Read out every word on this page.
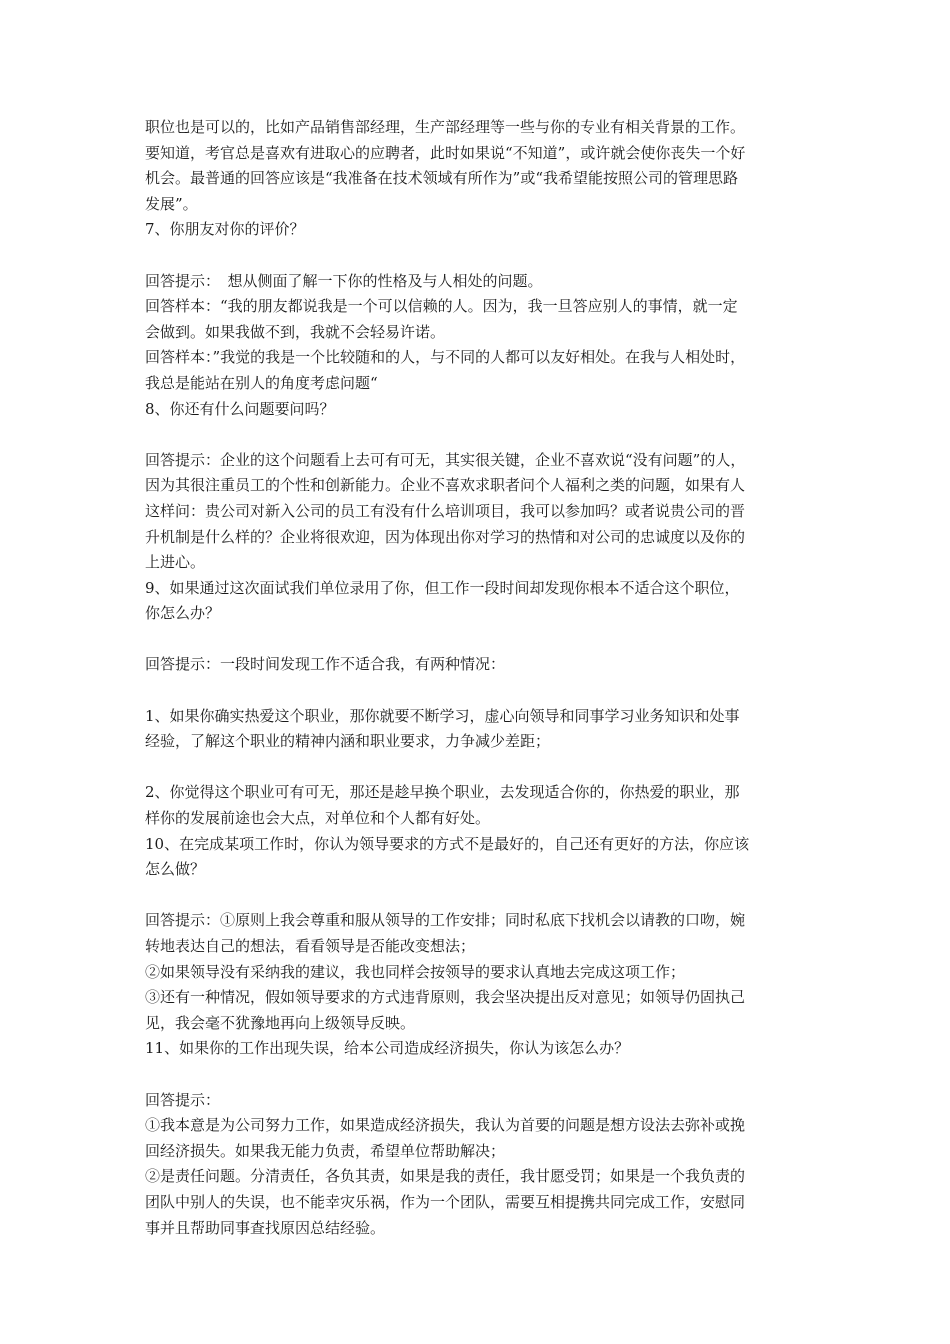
职位也是可以的，比如产品销售部经理，生产部经理等一些与你的专业有相关背景的工作。
要知道，考官总是喜欢有进取心的应聘者，此时如果说“不知道”，或许就会使你丧失一个好
机会。最普通的回答应该是“我准备在技术领域有所作为”或“我希望能按照公司的管理思路
发展”。
7、你朋友对你的评价？
回答提示：　想从侧面了解一下你的性格及与人相处的问题。
回答样本：“我的朋友都说我是一个可以信赖的人。因为，我一旦答应别人的事情，就一定
会做到。如果我做不到，我就不会轻易许诺。
回答样本：”我觉的我是一个比较随和的人，与不同的人都可以友好相处。在我与人相处时，
我总是能站在别人的角度考虑问题“
8、你还有什么问题要问吗？
回答提示：企业的这个问题看上去可有可无，其实很关键，企业不喜欢说“没有问题”的人，
因为其很注重员工的个性和创新能力。企业不喜欢求职者问个人福利之类的问题，如果有人
这样问：贵公司对新入公司的员工有没有什么培训项目，我可以参加吗？或者说贵公司的晋
升机制是什么样的？企业将很欢迎，因为体现出你对学习的热情和对公司的忠诚度以及你的
上进心。
9、如果通过这次面试我们单位录用了你，但工作一段时间却发现你根本不适合这个职位，
你怎么办？
回答提示：一段时间发现工作不适合我，有两种情况：
1、如果你确实热爱这个职业，那你就要不断学习，虚心向领导和同事学习业务知识和处事
经验，了解这个职业的精神内涵和职业要求，力争减少差距；
2、你觉得这个职业可有可无，那还是趁早换个职业，去发现适合你的，你热爱的职业，那
样你的发展前途也会大点，对单位和个人都有好处。
10、在完成某项工作时，你认为领导要求的方式不是最好的，自己还有更好的方法，你应该
怎么做？
回答提示：①原则上我会尊重和服从领导的工作安排；同时私底下找机会以请教的口吻，婉
转地表达自己的想法，看看领导是否能改变想法；
②如果领导没有采纳我的建议，我也同样会按领导的要求认真地去完成这项工作；
③还有一种情况，假如领导要求的方式违背原则，我会坚决提出反对意见；如领导仍固执己
见，我会毫不犹豫地再向上级领导反映。
11、如果你的工作出现失误，给本公司造成经济损失，你认为该怎么办？
回答提示：
①我本意是为公司努力工作，如果造成经济损失，我认为首要的问题是想方设法去弥补或挽
回经济损失。如果我无能力负责，希望单位帮助解决；
②是责任问题。分清责任，各负其责，如果是我的责任，我甘愿受罚；如果是一个我负责的
团队中别人的失误，也不能幸灾乐祸，作为一个团队，需要互相提携共同完成工作，安慰同
事并且帮助同事查找原因总结经验。
